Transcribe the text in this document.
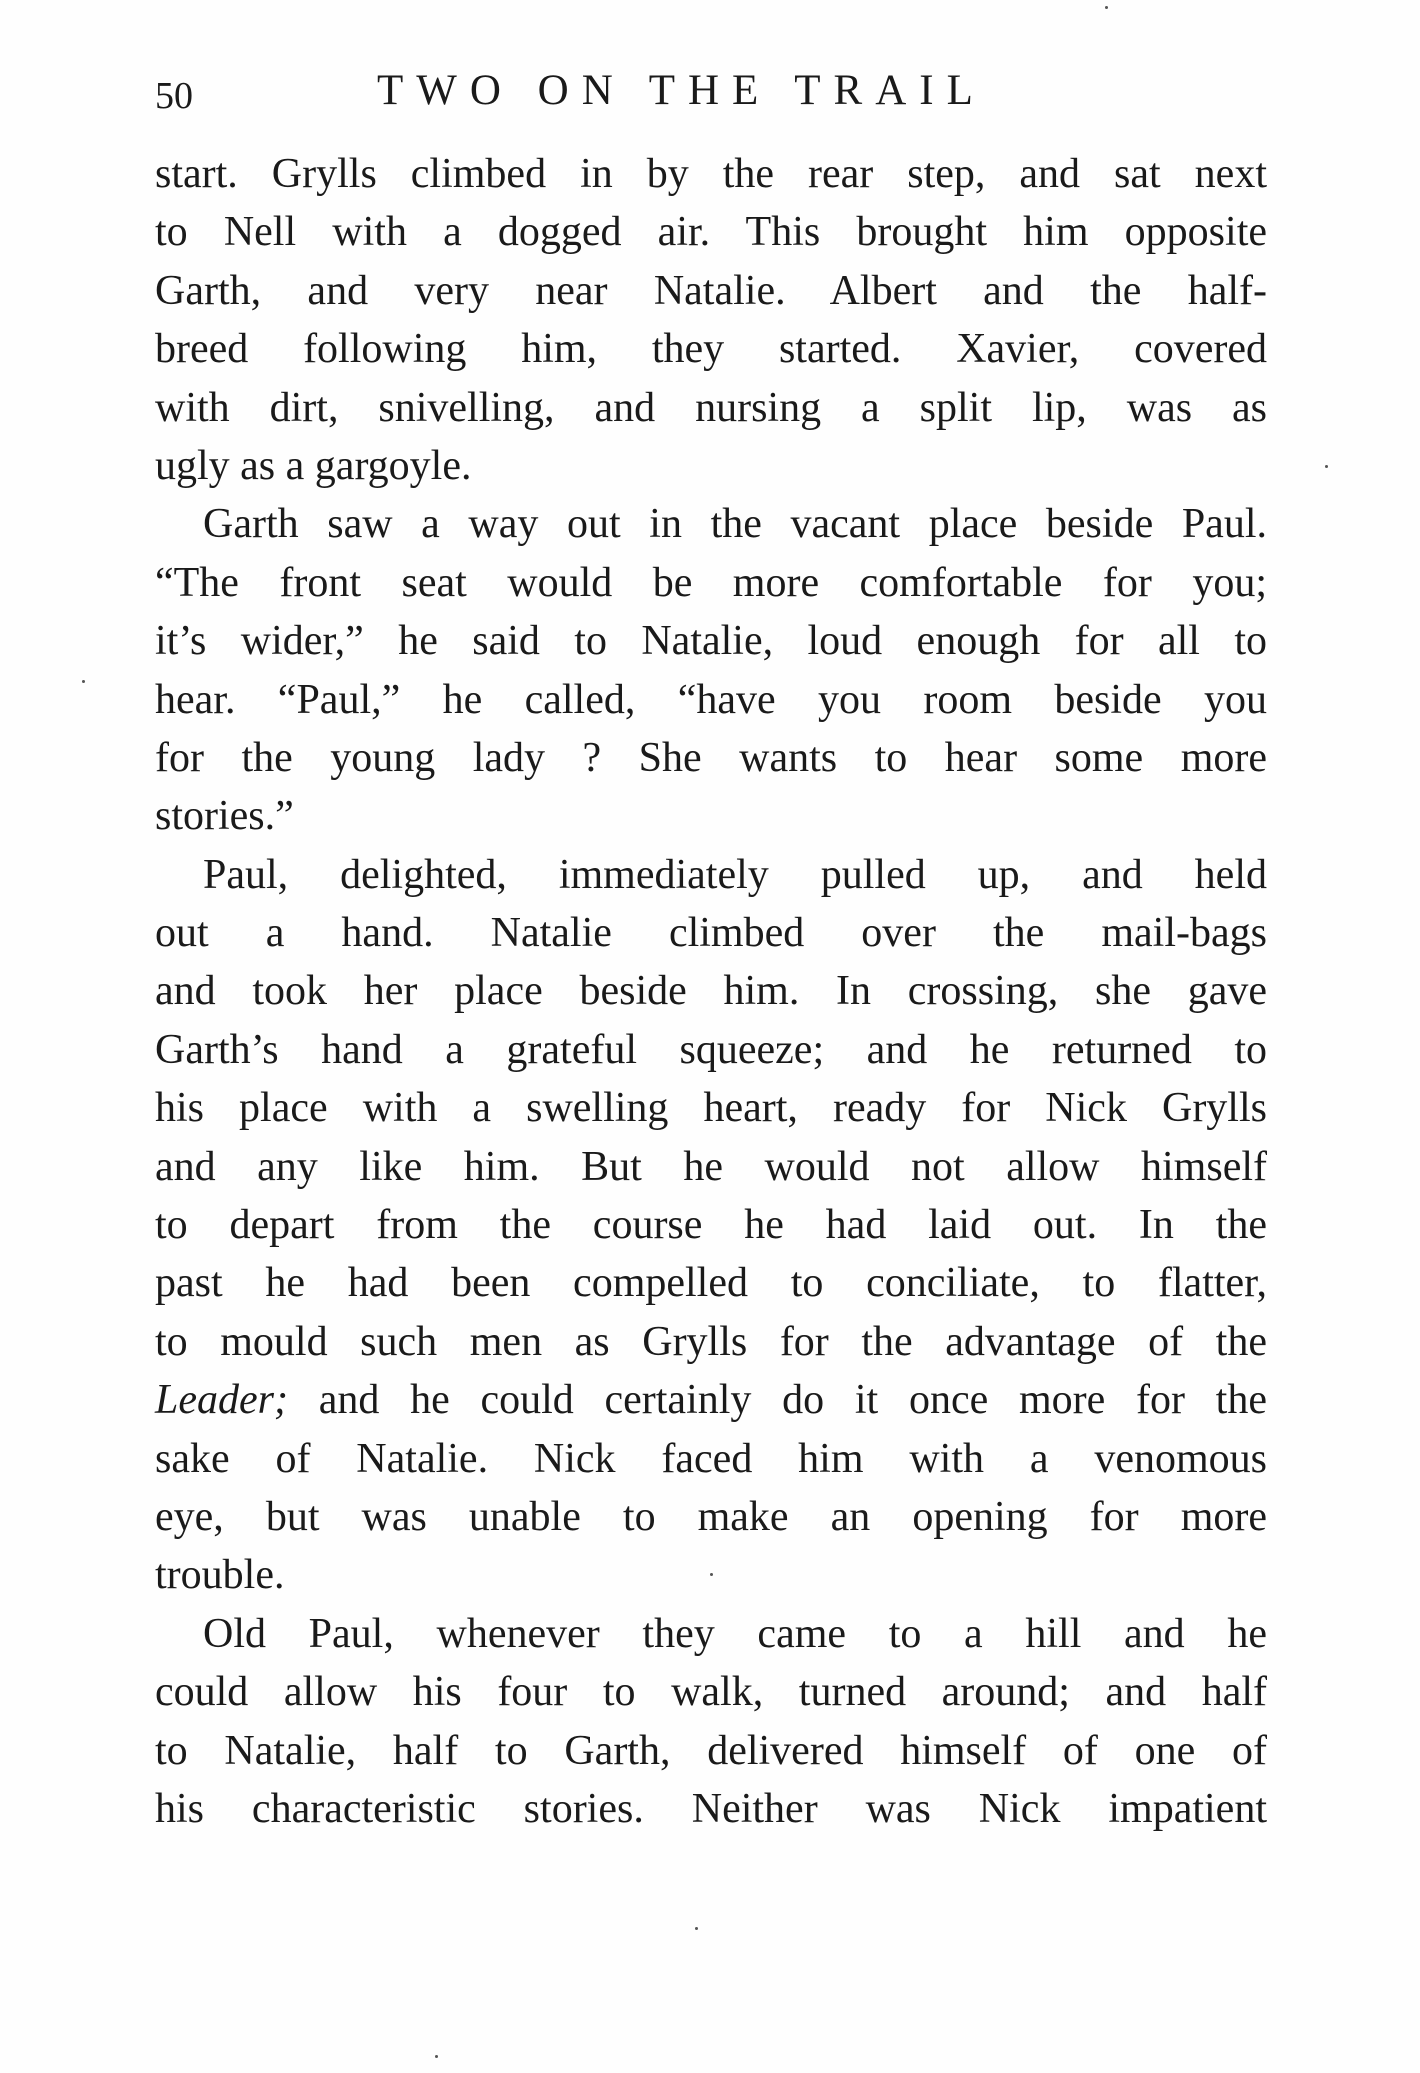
50	TWO ON THE TRAIL
start. Grylls climbed in by the rear step, and sat next
to Nell with a dogged air. This brought him opposite
Garth, and very near Natalie. Albert and the half-
breed following him, they started. Xavier, covered
with dirt, snivelling, and nursing a split lip, was as
ugly as a gargoyle.
Garth saw a way out in the vacant place beside Paul.
“The front seat would be more comfortable for you;
it’s wider,” he said to Natalie, loud enough for all to
hear. “Paul,” he called, “have you room beside you
for the young lady ? She wants to hear some more
stories.”
Paul, delighted, immediately pulled up, and held
out a hand. Natalie climbed over the mail-bags
and took her place beside him. In crossing, she gave
Garth’s hand a grateful squeeze; and he returned to
his place with a swelling heart, ready for Nick Grylls
and any like him. But he would not allow himself
to depart from the course he had laid out. In the
past he had been compelled to conciliate, to flatter,
to mould such men as Grylls for the advantage of the
Leader; and he could certainly do it once more for the
sake of Natalie. Nick faced him with a venomous
eye, but was unable to make an opening for more
trouble.
Old Paul, whenever they came to a hill and he
could allow his four to walk, turned around; and half
to Natalie, half to Garth, delivered himself of one of
his characteristic stories. Neither was Nick impatient
